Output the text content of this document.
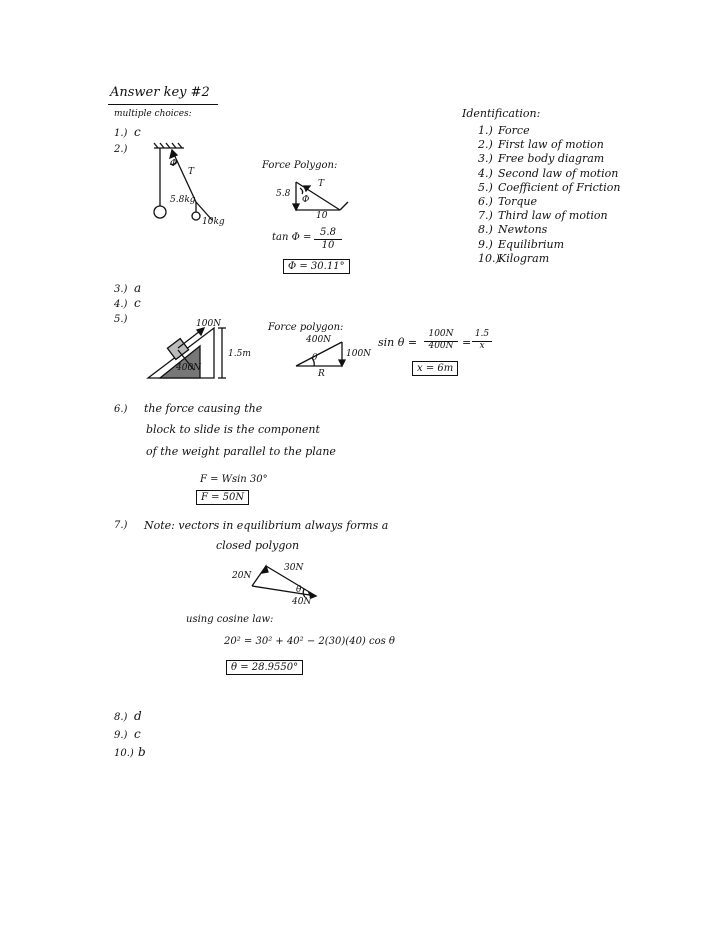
Answer key #2
multiple choices:
1.) c
2.)
Φ
T
5.8kg
10kg
Force Polygon:
5.8
T
Φ
10
$\tan \Phi = \frac{5.8}{10}$
Φ = 30.11°
Identification:
1.) Force
2.) First law of motion
3.) Free body diagram
4.) Second law of motion
5.) Coefficient of Friction
6.) Torque
7.) Third law of motion
8.) Newtons
9.) Equilibrium
10.)Kilogram
3.) a
4.) c
5.)	100N
1.5m
400N
Force polygon:
400N
100N
θ
R
$\sin \theta = \frac{100N}{400N} = \frac{1.5}{x}$
x = 6m
6.) the force causing the
block to slide is the component
of the weight parallel to the plane
F = Wsin 30°
F = 50N
7.) Note: vectors in equilibrium always forms a
closed polygon
20N
30N
40N
θ
using cosine law:
20² = 30² + 40² − 2(30)(40) cos θ
θ = 28.9550°
8.) d
9.) c
10.) b
